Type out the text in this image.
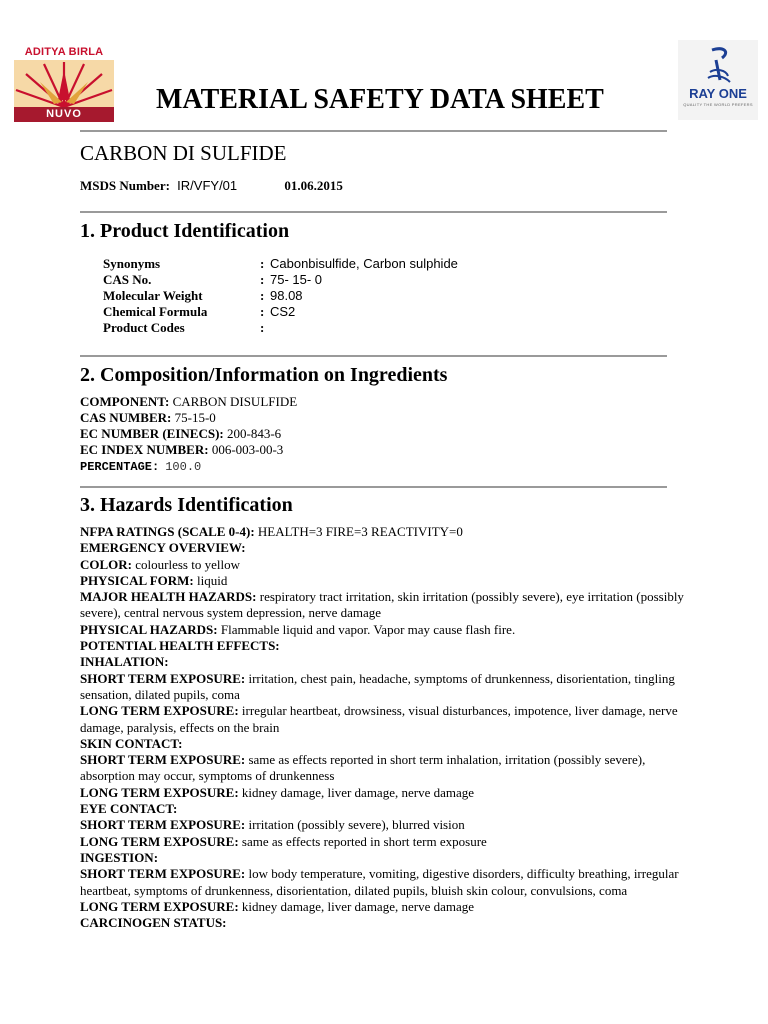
ADITYA BIRLA
NUVO
RAY ONE
QUALITY THE WORLD PREFERS
MATERIAL SAFETY DATA SHEET
CARBON DI SULFIDE
MSDS Number: IR/VFY/01	01.06.2015
1. Product Identification
Synonyms	: Cabonbisulfide, Carbon sulphide
CAS No.	: 75- 15- 0
Molecular Weight	: 98.08
Chemical Formula	: CS2
Product Codes	:
2. Composition/Information on Ingredients
COMPONENT: CARBON DISULFIDE
CAS NUMBER: 75-15-0
EC NUMBER (EINECS): 200-843-6
EC INDEX NUMBER: 006-003-00-3
PERCENTAGE: 100.0
3. Hazards Identification

NFPA RATINGS (SCALE 0-4): HEALTH=3 FIRE=3 REACTIVITY=0

EMERGENCY OVERVIEW:

COLOR: colourless to yellow

PHYSICAL FORM: liquid

MAJOR HEALTH HAZARDS: respiratory tract irritation, skin irritation (possibly severe), eye irritation (possibly severe), central nervous system depression, nerve damage

PHYSICAL HAZARDS: Flammable liquid and vapor. Vapor may cause flash fire.

POTENTIAL HEALTH EFFECTS:

INHALATION:

SHORT TERM EXPOSURE: irritation, chest pain, headache, symptoms of drunkenness, disorientation, tingling sensation, dilated pupils, coma

LONG TERM EXPOSURE: irregular heartbeat, drowsiness, visual disturbances, impotence, liver damage, nerve damage, paralysis, effects on the brain

SKIN CONTACT:

SHORT TERM EXPOSURE: same as effects reported in short term inhalation, irritation (possibly severe), absorption may occur, symptoms of drunkenness

LONG TERM EXPOSURE: kidney damage, liver damage, nerve damage

EYE CONTACT:

SHORT TERM EXPOSURE: irritation (possibly severe), blurred vision

LONG TERM EXPOSURE: same as effects reported in short term exposure

INGESTION:

SHORT TERM EXPOSURE: low body temperature, vomiting, digestive disorders, difficulty breathing, irregular heartbeat, symptoms of drunkenness, disorientation, dilated pupils, bluish skin colour, convulsions, coma

LONG TERM EXPOSURE: kidney damage, liver damage, nerve damage

CARCINOGEN STATUS:
